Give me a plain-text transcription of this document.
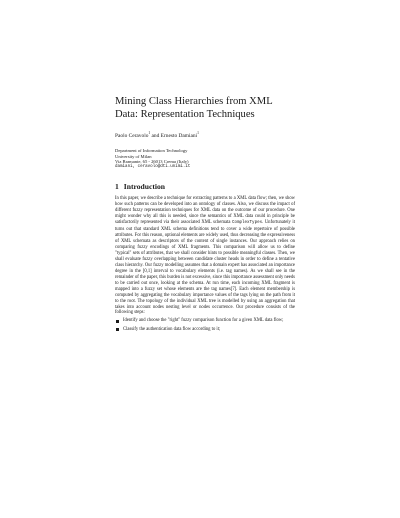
Mining Class Hierarchies from XML Data: Representation Techniques
Paolo Ceravolo$^1$ and Ernesto Damiani$^1$
Department of Information Technology
University of Milan
Via Bramante, 65 - 26013 Crema (Italy)
damiani, ceravolo@dti.unimi.it
1 Introduction

In this paper, we describe a technique for extracting patterns to a XML data flow; then, we show how such patterns can be developed into an ontology of classes. Also, we discuss the impact of different fuzzy representation techniques for XML data on the outcome of our procedure. One might wonder why all this is needed, since the semantics of XML data could in principle be satisfactorily represented via their associated XML schemata ComplexTypes. Unfortunately it turns out that standard XML schema definitions tend to cover a wide repertoire of possible attributes. For this reason, optional elements are widely used, thus decreasing the expressiveness of XML schemata as descriptors of the content of single instances. Our approach relies on comparing fuzzy encodings of XML fragments. This comparison will allow us to define "typical" sets of attributes, that we shall consider hints to possible meaningful classes. Then, we shall evaluate fuzzy overlapping between candidate cluster heads in order to define a tentative class hierarchy. Our fuzzy modelling assumes that a domain expert has associated an importance degree in the [0,1] interval to vocabulary elements (i.e. tag names). As we shall see in the remainder of the paper, this burden is not excessive, since this importance assessment only needs to be carried out once, looking at the schema. At run time, each incoming XML fragment is mapped into a fuzzy set whose elements are the tag names[7]. Each element membership is computed by aggregating the vocabulary importance values of the tags lying on the path from it to the root. The topology of the individual XML tree is modelled by using an aggregation that takes into account nodes nesting level or nodes occurrence. Our procedure consists of the following steps:

Identify and choose the "right" fuzzy comparison function for a given XML data flow;
Classify the authentication data flow according to it;
